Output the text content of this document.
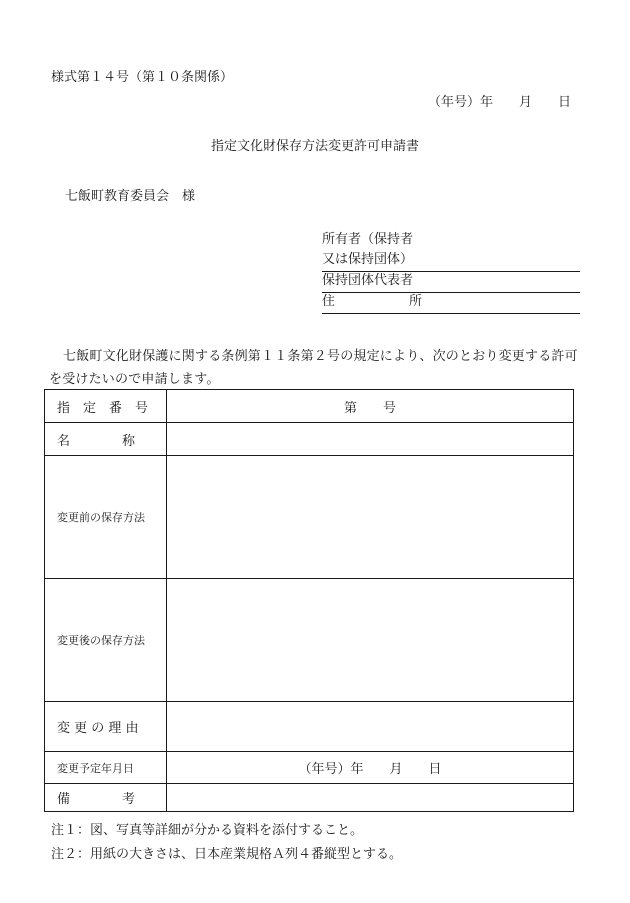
様式第１４号（第１０条関係）
（年号）年　　月　　日
指定文化財保存方法変更許可申請書
七飯町教育委員会　様
所有者（保持者
又は保持団体）
保持団体代表者
住	所
七飯町文化財保護に関する条例第１１条第２号の規定により、次のとおり変更する許可を受けたいので申請します。
指　定　番　号	第　　号
名　　　　称	
変更前の保存方法	
変更後の保存方法	
変 更 の 理 由	
変更予定年月日	（年号）年　　月　　日
備　　　　考	
注１：図、写真等詳細が分かる資料を添付すること。
注２：用紙の大きさは、日本産業規格Ａ列４番縦型とする。
